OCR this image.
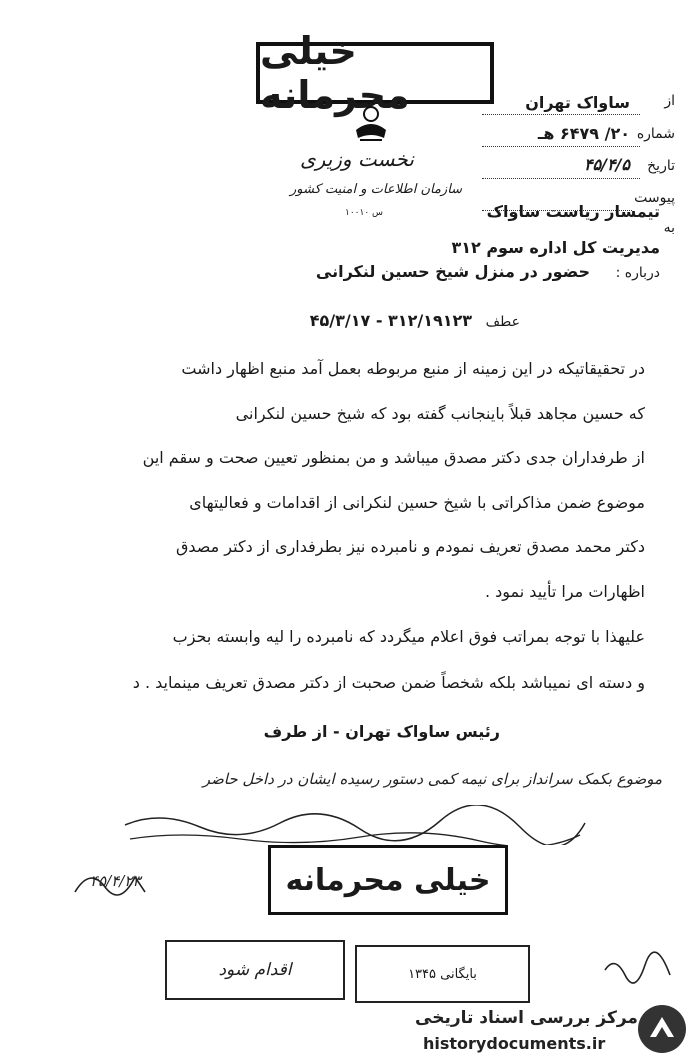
خیلی محرمانه
نخست وزیری
سازمان اطلاعات و امنیت کشور
س ۱۰۰۱۰
از
ساواک تهران
شماره
۲۰/ ۶۴۷۹ هـ
تاریخ
۴۵/۴/۵
پیوست
به
تیمسار ریاست ساواک
مدیریت کل اداره سوم ۳۱۲
درباره :
حضور در منزل شیخ حسین لنکرانی
عطف
۳۱۲/۱۹۱۲۳ - ۴۵/۳/۱۷
در تحقیقاتیکه در این زمینه از منبع مربوطه بعمل آمد منبع اظهار داشت
که حسین مجاهد قبلاً باینجانب گفته بود که شیخ حسین لنکرانی
از طرفداران جدی دکتر مصدق میباشد و من بمنظور تعیین صحت و سقم این
موضوع ضمن مذاکراتی با شیخ حسین لنکرانی از اقدامات و فعالیتهای
دکتر محمد مصدق تعریف نمودم و نامبرده نیز بطرفداری از دکتر مصدق
اظهارات مرا تأیید نمود .
علیهذا با توجه بمراتب فوق اعلام میگردد که نامبرده را لیه وابسته بحزب
و دسته ای نمیباشد بلکه شخصاً ضمن صحبت از دکتر مصدق تعریف مینماید . د
رئیس ساواک تهران - از طرف
موضوع بکمک سرانداز برای نیمه کمی دستور رسیده ایشان در داخل حاضر
۴۵/۴/۲۳	خیلی محرمانه
اقدام شود	۱۳۴۵ بایگانی
مرکز بررسی اسناد تاریخی
historydocuments.ir
